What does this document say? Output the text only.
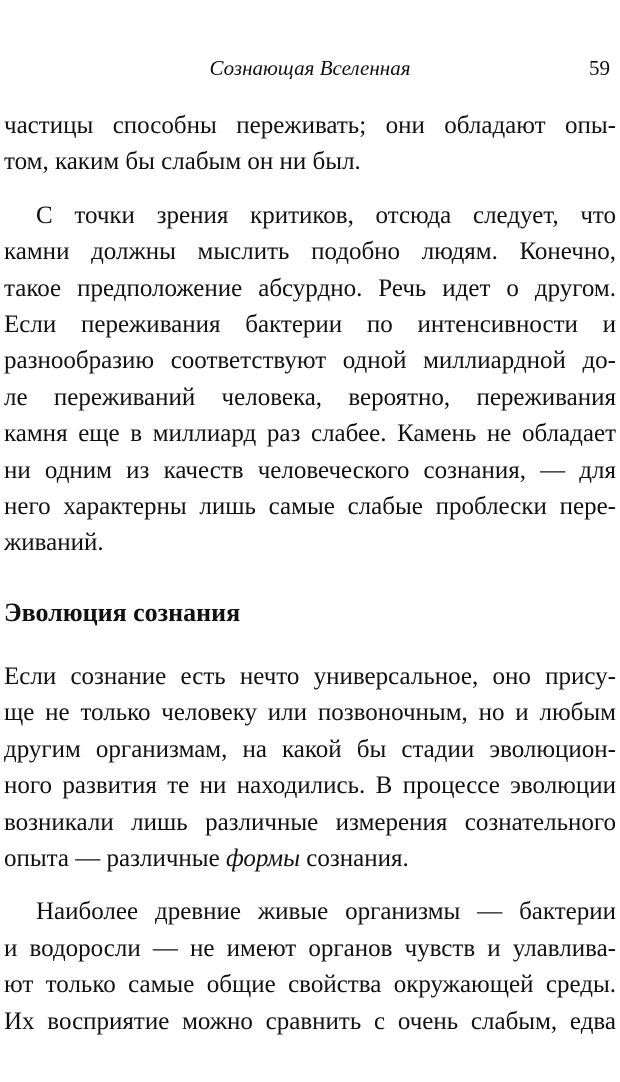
Сознающая Вселенная	59
частицы способны переживать; они обладают опы-
том, каким бы слабым он ни был.
С точки зрения критиков, отсюда следует, что
камни должны мыслить подобно людям. Конечно,
такое предположение абсурдно. Речь идет о другом.
Если переживания бактерии по интенсивности и
разнообразию соответствуют одной миллиардной до-
ле переживаний человека, вероятно, переживания
камня еще в миллиард раз слабее. Камень не обладает
ни одним из качеств человеческого сознания, — для
него характерны лишь самые слабые проблески пере-
живаний.
Эволюция сознания
Если сознание есть нечто универсальное, оно прису-
ще не только человеку или позвоночным, но и любым
другим организмам, на какой бы стадии эволюцион-
ного развития те ни находились. В процессе эволюции
возникали лишь различные измерения сознательного
опыта — различные формы сознания.
Наиболее древние живые организмы — бактерии
и водоросли — не имеют органов чувств и улавлива-
ют только самые общие свойства окружающей среды.
Их восприятие можно сравнить с очень слабым, едва
